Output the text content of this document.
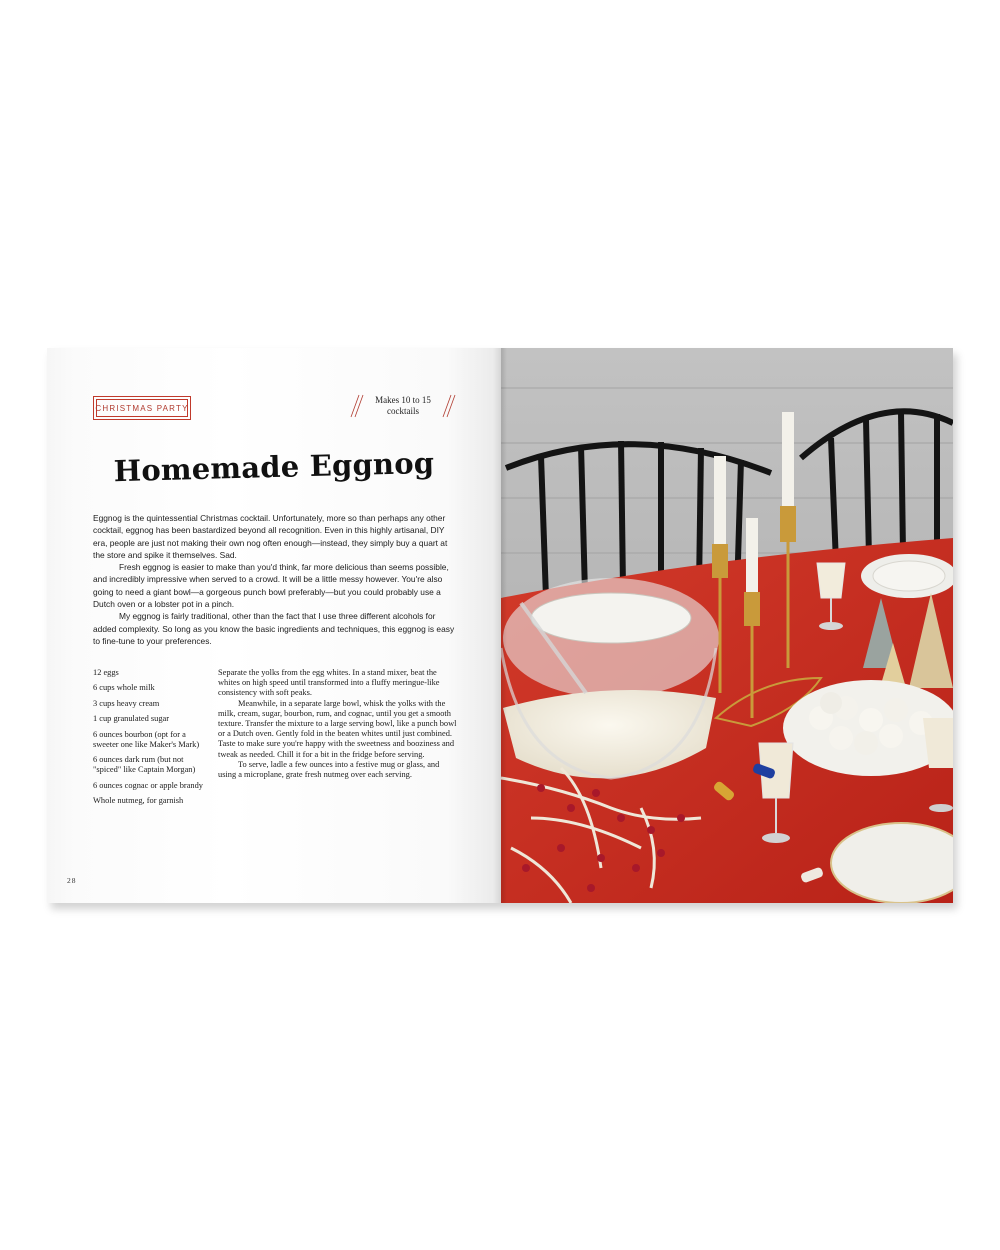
CHRISTMAS PARTY
Makes 10 to 15 cocktails
Homemade Eggnog

Eggnog is the quintessential Christmas cocktail. Unfortunately, more so than perhaps any other cocktail, eggnog has been bastardized beyond all recognition. Even in this highly artisanal, DIY era, people are just not making their own nog often enough—instead, they simply buy a quart at the store and spike it themselves. Sad.

Fresh eggnog is easier to make than you'd think, far more delicious than seems possible, and incredibly impressive when served to a crowd. It will be a little messy however. You're also going to need a giant bowl—a gorgeous punch bowl preferably—but you could probably use a Dutch oven or a lobster pot in a pinch.

My eggnog is fairly traditional, other than the fact that I use three different alcohols for added complexity. So long as you know the basic ingredients and techniques, this eggnog is easy to fine-tune to your preferences.

12 eggs
6 cups whole milk
3 cups heavy cream
1 cup granulated sugar
6 ounces bourbon (opt for a sweeter one like Maker's Mark)
6 ounces dark rum (but not "spiced" like Captain Morgan)
6 ounces cognac or apple brandy
Whole nutmeg, for garnish

Separate the yolks from the egg whites. In a stand mixer, beat the whites on high speed until transformed into a fluffy meringue-like consistency with soft peaks.

Meanwhile, in a separate large bowl, whisk the yolks with the milk, cream, sugar, bourbon, rum, and cognac, until you get a smooth texture. Transfer the mixture to a large serving bowl, like a punch bowl or a Dutch oven. Gently fold in the beaten whites until just combined. Taste to make sure you're happy with the sweetness and booziness and tweak as needed. Chill it for a bit in the fridge before serving.

To serve, ladle a few ounces into a festive mug or glass, and using a microplane, grate fresh nutmeg over each serving.

28
